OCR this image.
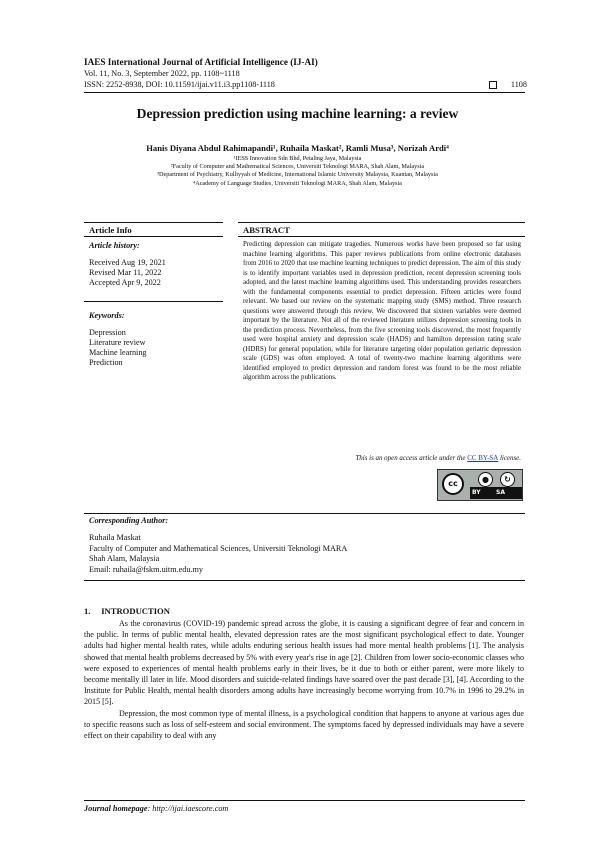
IAES International Journal of Artificial Intelligence (IJ-AI)
Vol. 11, No. 3, September 2022, pp. 1108~1118
ISSN: 2252-8938, DOI: 10.11591/ijai.v11.i3.pp1108-1118	1108
Depression prediction using machine learning: a review
Hanis Diyana Abdul Rahimapandi¹, Ruhaila Maskat², Ramli Musa³, Norizah Ardi⁴
¹IESS Innovation Sdn Bhd, Petaling Jaya, Malaysia
²Faculty of Computer and Mathematical Sciences, Universiti Teknologi MARA, Shah Alam, Malaysia
³Department of Psychiatry, Kulliyyah of Medicine, International Islamic University Malaysia, Kuantan, Malaysia
⁴Academy of Language Studies, Universiti Teknologi MARA, Shah Alam, Malaysia
Article Info
Article history:
Received Aug 19, 2021
Revised Mar 11, 2022
Accepted Apr 9, 2022
Keywords:
Depression
Literature review
Machine learning
Prediction
ABSTRACT
Predicting depression can mitigate tragedies. Numerous works have been proposed so far using machine learning algorithms. This paper reviews publications from online electronic databases from 2016 to 2020 that use machine learning techniques to predict depression. The aim of this study is to identify important variables used in depression prediction, recent depression screening tools adopted, and the latest machine learning algorithms used. This understanding provides researchers with the fundamental components essential to predict depression. Fifteen articles were found relevant. We based our review on the systematic mapping study (SMS) method. Three research questions were answered through this review. We discovered that sixteen variables were deemed important by the literature. Not all of the reviewed literature utilizes depression screening tools in the prediction process. Nevertheless, from the five screening tools discovered, the most frequently used were hospital anxiety and depression scale (HADS) and hamilton depression rating scale (HDRS) for general population, while for literature targeting older population geriatric depression scale (GDS) was often employed. A total of twenty-two machine learning algorithms were identified employed to predict depression and random forest was found to be the most reliable algorithm across the publications.
This is an open access article under the CC BY-SA license.
cc	●	↻
BY	SA
Corresponding Author:
Ruhaila Maskat
Faculty of Computer and Mathematical Sciences, Universiti Teknologi MARA
Shah Alam, Malaysia
Email: ruhaila@fskm.uitm.edu.my
1.     INTRODUCTION

As the coronavirus (COVID-19) pandemic spread across the globe, it is causing a significant degree of fear and concern in the public. In terms of public mental health, elevated depression rates are the most significant psychological effect to date. Younger adults had higher mental health rates, while adults enduring serious health issues had more mental health problems [1]. The analysis showed that mental health problems decreased by 5% with every year's rise in age [2]. Children from lower socio-economic classes who were exposed to experiences of mental health problems early in their lives, be it due to both or either parent, were more likely to become mentally ill later in life. Mood disorders and suicide-related findings have soared over the past decade [3], [4]. According to the Institute for Public Health, mental health disorders among adults have increasingly become worrying from 10.7% in 1996 to 29.2% in 2015 [5].

Depression, the most common type of mental illness, is a psychological condition that happens to anyone at various ages due to specific reasons such as loss of self-esteem and social environment. The symptoms faced by depressed individuals may have a severe effect on their capability to deal with any

Journal homepage: http://ijai.iaescore.com
